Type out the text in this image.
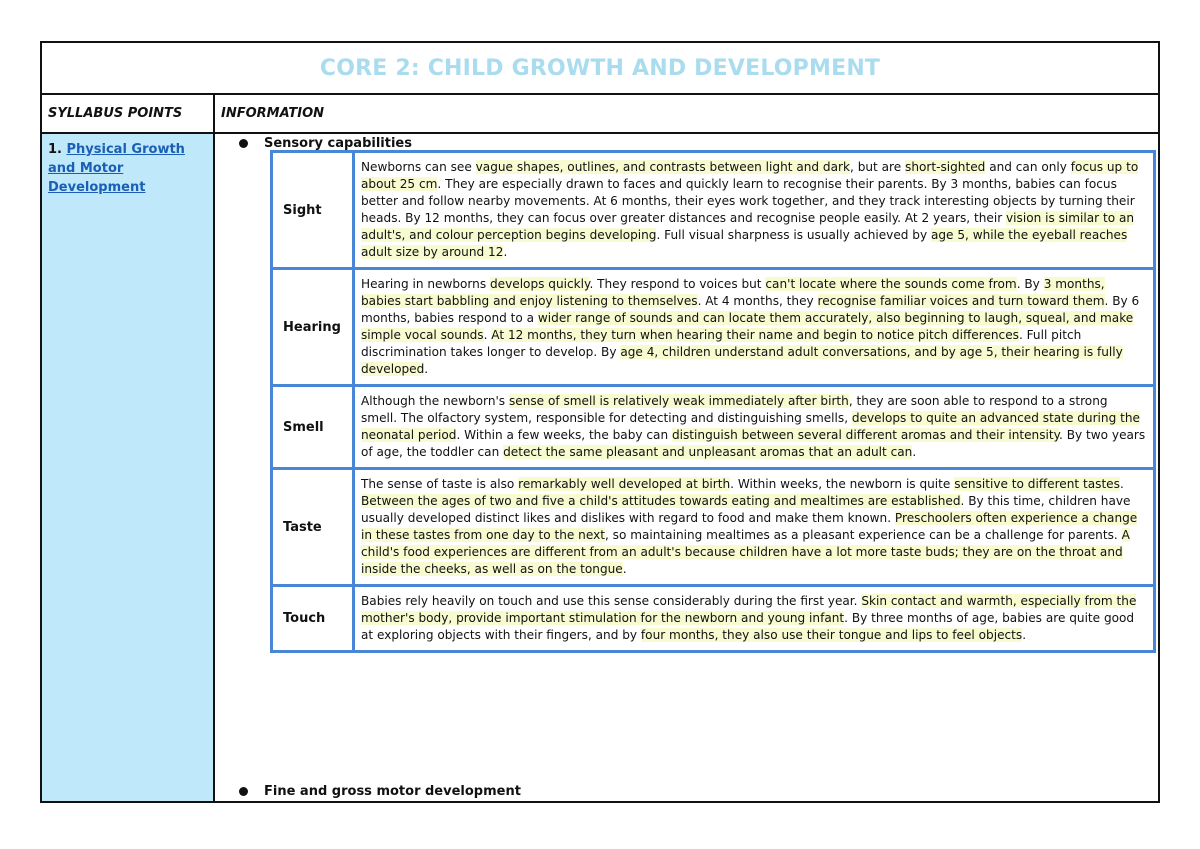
CORE 2: CHILD GROWTH AND DEVELOPMENT
SYLLABUS POINTS	INFORMATION
1. Physical Growth and Motor Development
Sensory capabilities
Sight
Newborns can see vague shapes, outlines, and contrasts between light and dark, but are short-sighted and can only focus up to about 25 cm. They are especially drawn to faces and quickly learn to recognise their parents. By 3 months, babies can focus better and follow nearby movements. At 6 months, their eyes work together, and they track interesting objects by turning their heads. By 12 months, they can focus over greater distances and recognise people easily. At 2 years, their vision is similar to an adult's, and colour perception begins developing. Full visual sharpness is usually achieved by age 5, while the eyeball reaches adult size by around 12.
Hearing
Hearing in newborns develops quickly. They respond to voices but can't locate where the sounds come from. By 3 months, babies start babbling and enjoy listening to themselves. At 4 months, they recognise familiar voices and turn toward them. By 6 months, babies respond to a wider range of sounds and can locate them accurately, also beginning to laugh, squeal, and make simple vocal sounds. At 12 months, they turn when hearing their name and begin to notice pitch differences. Full pitch discrimination takes longer to develop. By age 4, children understand adult conversations, and by age 5, their hearing is fully developed.
Smell
Although the newborn's sense of smell is relatively weak immediately after birth, they are soon able to respond to a strong smell. The olfactory system, responsible for detecting and distinguishing smells, develops to quite an advanced state during the neonatal period. Within a few weeks, the baby can distinguish between several different aromas and their intensity. By two years of age, the toddler can detect the same pleasant and unpleasant aromas that an adult can.
Taste
The sense of taste is also remarkably well developed at birth. Within weeks, the newborn is quite sensitive to different tastes. Between the ages of two and five a child's attitudes towards eating and mealtimes are established. By this time, children have usually developed distinct likes and dislikes with regard to food and make them known. Preschoolers often experience a change in these tastes from one day to the next, so maintaining mealtimes as a pleasant experience can be a challenge for parents. A child's food experiences are different from an adult's because children have a lot more taste buds; they are on the throat and inside the cheeks, as well as on the tongue.
Touch
Babies rely heavily on touch and use this sense considerably during the first year. Skin contact and warmth, especially from the mother's body, provide important stimulation for the newborn and young infant. By three months of age, babies are quite good at exploring objects with their fingers, and by four months, they also use their tongue and lips to feel objects.
Fine and gross motor development
